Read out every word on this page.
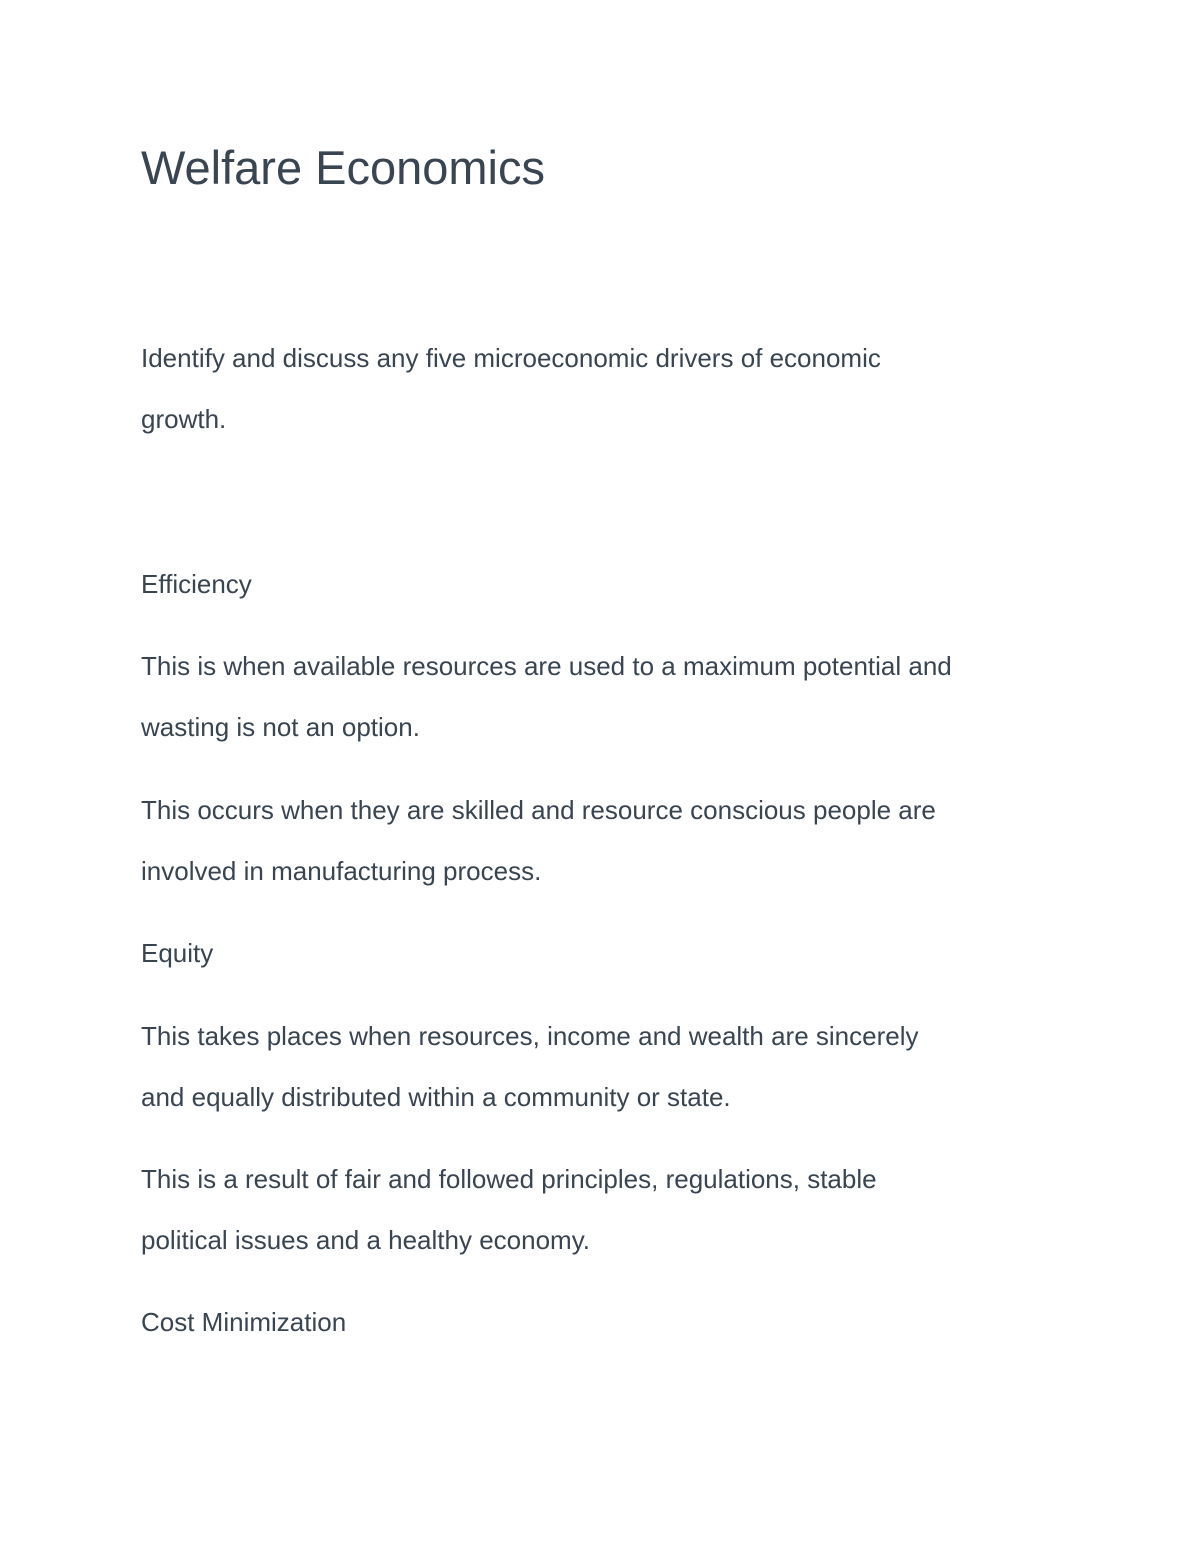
Welfare Economics

Identify and discuss any five microeconomic drivers of economic

growth.

Efficiency

This is when available resources are used to a maximum potential and

wasting is not an option.

This occurs when they are skilled and resource conscious people are

involved in manufacturing process.

Equity

This takes places when resources, income and wealth are sincerely

and equally distributed within a community or state.

This is a result of fair and followed principles, regulations, stable

political issues and a healthy economy.

Cost Minimization
